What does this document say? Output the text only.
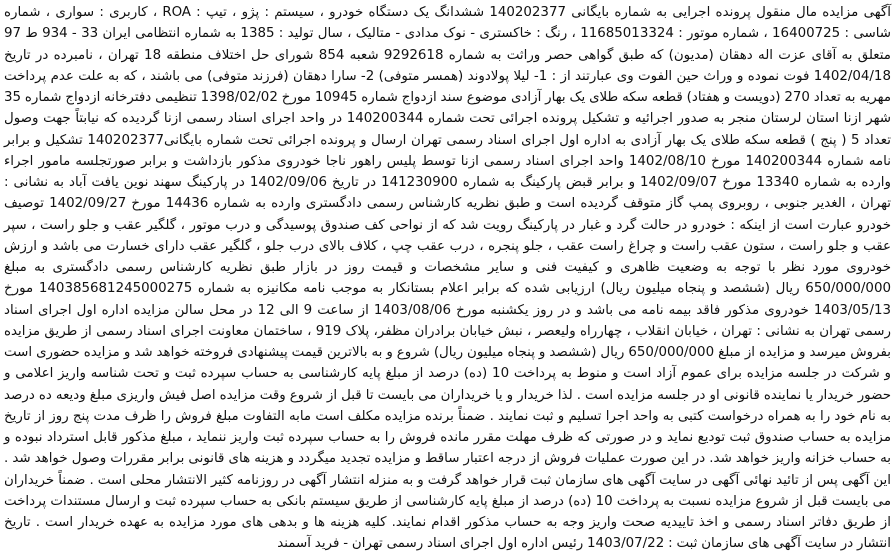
آگهی مزایده مال منقول پرونده اجرایی به شماره بایگانی 140202377 ششدانگ یک دستگاه خودرو ، سیستم : پژو ، تیپ : ROA ، کاربری : سواری ، شماره شاسی : 16400725 ، شماره موتور : 11685013324 ، رنگ : خاکستری - نوک مدادی - متالیک ، سال تولید : 1385 به شماره انتظامی ایران 33 - 934 ط 97 متعلق به آقای عزت اله دهقان (مدیون) که طبق گواهی حصر وراثت به شماره 9292618 شعبه 854 شورای حل اختلاف منطقه 18 تهران ، نامبرده در تاریخ 1402/04/18 فوت نموده و وراث حین الفوت وی عبارتند از : 1- لیلا پولادوند (همسر متوفی) 2- سارا دهقان (فرزند متوفی) می باشند ، که به علت عدم پرداخت مهریه به تعداد 270 (دویست و هفتاد) قطعه سکه طلای یک بهار آزادی موضوع سند ازدواج شماره 10945 مورخ 1398/02/02 تنظیمی دفترخانه ازدواج شماره 35 شهر ازنا استان لرستان منجر به صدور اجرائیه و تشکیل پرونده اجرائی تحت شماره 140200344 در واحد اجرای اسناد رسمی ازنا گردیده که نیابتاً جهت وصول تعداد 5 ( پنج ) قطعه سکه طلای یک بهار آزادی به اداره اول اجرای اسناد رسمی تهران ارسال و پرونده اجرائی تحت شماره بایگانی140202377 تشکیل و برابر نامه شماره 140200344 مورخ 1402/08/10 واحد اجرای اسناد رسمی ازنا توسط پلیس راهور ناجا خودروی مذکور بازداشت و برابر صورتجلسه مامور اجراء وارده به شماره 13340 مورخ 1402/09/07 و برابر قبض پارکینگ به شماره 141230900 در تاریخ 1402/09/06 در پارکینگ سهند نوین یافت آباد به نشانی : تهران ، الغدیر جنوبی ، روبروی پمپ گاز متوقف گردیده است و طبق نظریه کارشناس رسمی دادگستری وارده به شماره 14436 مورخ 1402/09/27 توصیف خودرو عبارت است از اینکه : خودرو در حالت گرد و غبار در پارکینگ رویت شد که از نواحی کف صندوق پوسیدگی و درب موتور ، گلگیر عقب و جلو راست ، سپر عقب و جلو راست ، ستون عقب راست و چراغ راست عقب ، جلو پنجره ، درب عقب چپ ، کلاف بالای درب جلو ، گلگیر عقب دارای خسارت می باشد و ارزش خودروی مورد نظر با توجه به وضعیت ظاهری و کیفیت فنی و سایر مشخصات و قیمت روز در بازار طبق نظریه کارشناس رسمی دادگستری به مبلغ 650/000/000 ریال (ششصد و پنجاه میلیون ریال) ارزیابی شده که برابر اعلام بستانکار به موجب نامه مکانیزه به شماره 140385681245000275 مورخ 1403/05/13 خودروی مذکور فاقد بیمه نامه می باشد و در روز یکشنبه مورخ 1403/08/06 از ساعت 9 الی 12 در محل سالن مزایده اداره اول اجرای اسناد رسمی تهران به نشانی : تهران ، خیابان انقلاب ، چهارراه ولیعصر ، نبش خیابان برادران مظفر، پلاک 919 ، ساختمان معاونت اجرای اسناد رسمی از طریق مزایده بفروش میرسد و مزایده از مبلغ 650/000/000 ریال (ششصد و پنجاه میلیون ریال) شروع و به بالاترین قیمت پیشنهادی فروخته خواهد شد و مزایده حضوری است و شرکت در جلسه مزایده برای عموم آزاد است و منوط به پرداخت 10 (ده) درصد از مبلغ پایه کارشناسی به حساب سپرده ثبت و تحت شناسه واریز اعلامی و حضور خریدار یا نماینده قانونی او در جلسه مزایده است . لذا خریدار و یا خریداران می بایست تا قبل از شروع وقت مزایده اصل فیش واریزی مبلغ ودیعه ده درصد به نام خود را به همراه درخواست کتبی به واحد اجرا تسلیم و ثبت نمایند . ضمناً برنده مزایده مکلف است مابه التفاوت مبلغ فروش را ظرف مدت پنج روز از تاریخ مزایده به حساب صندوق ثبت تودیع نماید و در صورتی که ظرف مهلت مقرر مانده فروش را به حساب سپرده ثبت واریز ننماید ، مبلغ مذکور قابل استرداد نبوده و به حساب خزانه واریز خواهد شد. در این صورت عملیات فروش از درجه اعتبار ساقط و مزایده تجدید میگردد و هزینه های قانونی برابر مقررات وصول خواهد شد . این آگهی پس از تائید نهائی آگهی در سایت آگهی های سازمان ثبت قرار خواهد گرفت و به منزله انتشار آگهی در روزنامه کثیر الانتشار محلی است . ضمناً خریداران می بایست قبل از شروع مزایده نسبت به پرداخت 10 (ده) درصد از مبلغ پایه کارشناسی از طریق سیستم بانکی به حساب سپرده ثبت و ارسال مستندات پرداخت از طریق دفاتر اسناد رسمی و اخذ تاییدیه صحت واریز وجه به حساب مذکور اقدام نمایند. کلیه هزینه ها و بدهی های مورد مزایده به عهده خریدار است . تاریخ انتشار در سایت آگهی های سازمان ثبت : 1403/07/22 رئیس اداره اول اجرای اسناد رسمی تهران - فرید آسمند
